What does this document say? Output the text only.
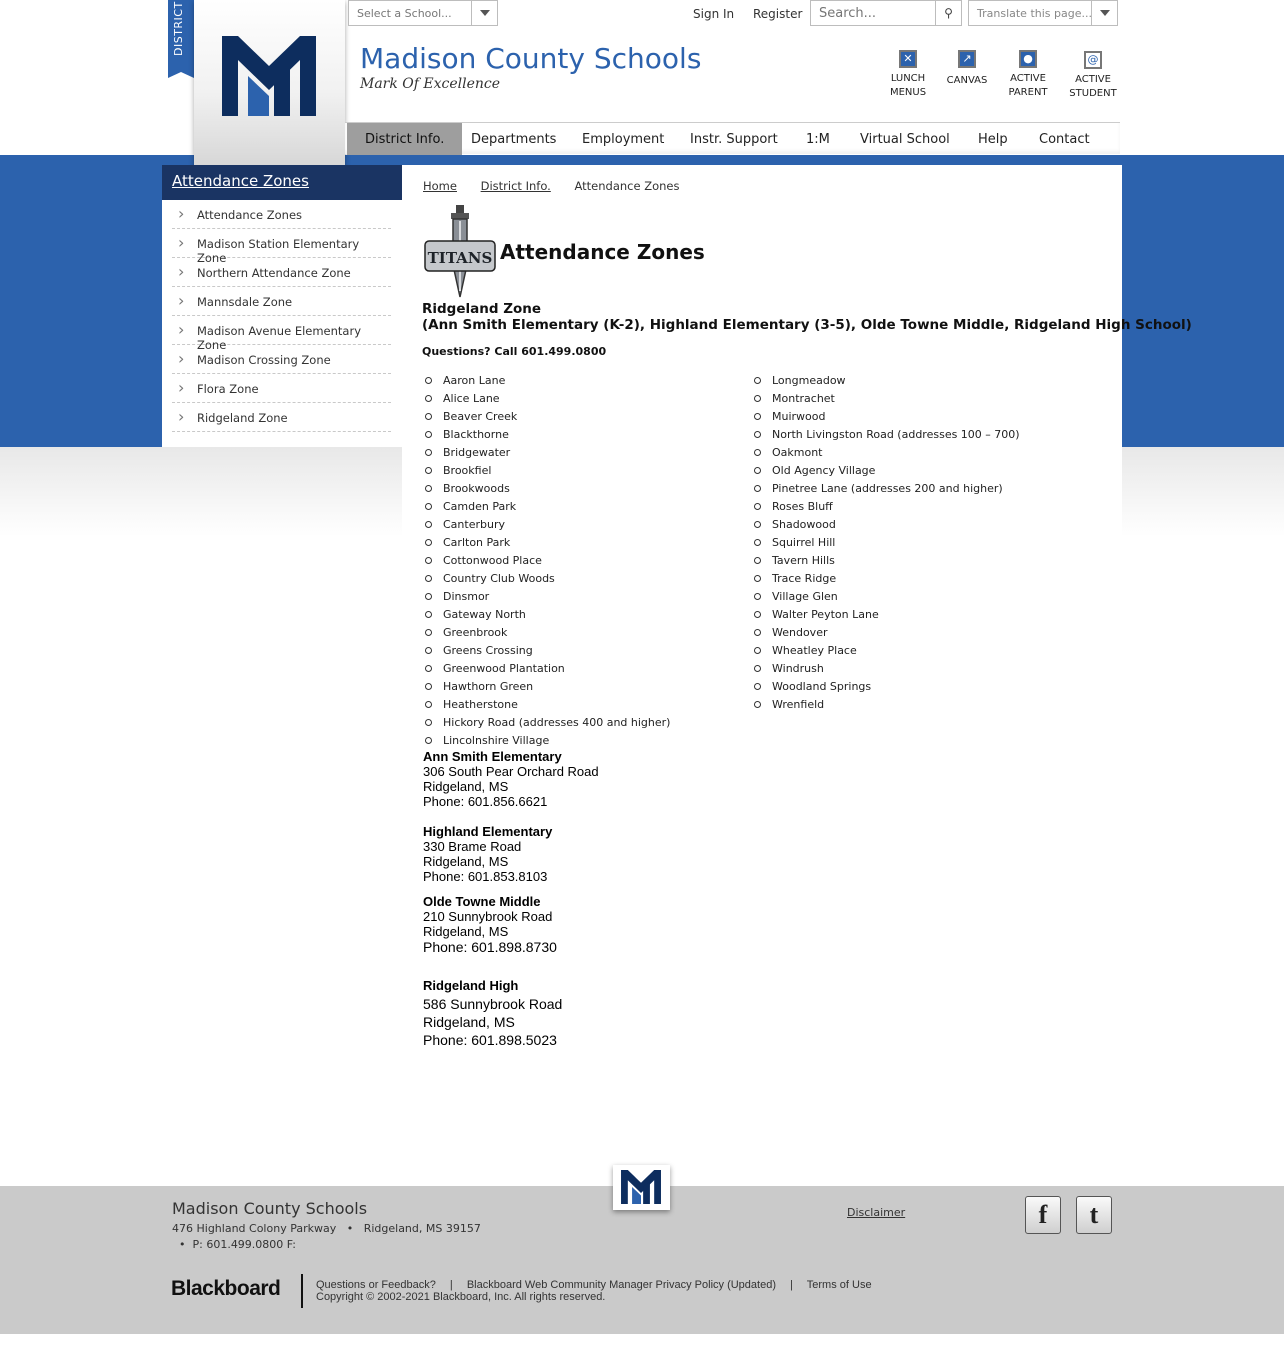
DISTRICT	Select a School...	Sign In Register
Search...	⚲	Translate this page...
Madison County Schools
Mark Of Excellence
✕
LUNCH
MENUS
↗
CANVAS
●
ACTIVE
PARENT
@
ACTIVE
STUDENT
District Info.	Departments	Employment	Instr. Support	1:M	Virtual School	Help	Contact
Attendance Zones
› Attendance Zones
› Madison Station Elementary Zone
› Northern Attendance Zone
› Mannsdale Zone
› Madison Avenue Elementary Zone
› Madison Crossing Zone
› Flora Zone
› Ridgeland Zone
Home District Info. Attendance Zones
TITANS Attendance Zones
Ridgeland Zone
(Ann Smith Elementary (K-2), Highland Elementary (3-5), Olde Towne Middle, Ridgeland High School)
Questions? Call 601.499.0800
Aaron Lane
Alice Lane
Beaver Creek
Blackthorne
Bridgewater
Brookfiel
Brookwoods
Camden Park
Canterbury
Carlton Park
Cottonwood Place
Country Club Woods
Dinsmor
Gateway North
Greenbrook
Greens Crossing
Greenwood Plantation
Hawthorn Green
Heatherstone
Hickory Road (addresses 400 and higher)
Lincolnshire Village
Longmeadow
Montrachet
Muirwood
North Livingston Road (addresses 100 – 700)
Oakmont
Old Agency Village
Pinetree Lane (addresses 200 and higher)
Roses Bluff
Shadowood
Squirrel Hill
Tavern Hills
Trace Ridge
Village Glen
Walter Peyton Lane
Wendover
Wheatley Place
Windrush
Woodland Springs
Wrenfield
Ann Smith Elementary
306 South Pear Orchard Road
Ridgeland, MS
Phone: 601.856.6621
Highland Elementary
330 Brame Road
Ridgeland, MS
Phone: 601.853.8103
Olde Towne Middle
210 Sunnybrook Road
Ridgeland, MS
Phone: 601.898.8730
Ridgeland High
586 Sunnybrook Road
Ridgeland, MS
Phone: 601.898.5023
Madison County Schools
476 Highland Colony Parkway   •   Ridgeland, MS 39157
•  P: 601.499.0800 F:
Disclaimer	f	t
Blackboard	Questions or Feedback? | Blackboard Web Community Manager Privacy Policy (Updated) | Terms of Use
Copyright © 2002-2021 Blackboard, Inc. All rights reserved.
